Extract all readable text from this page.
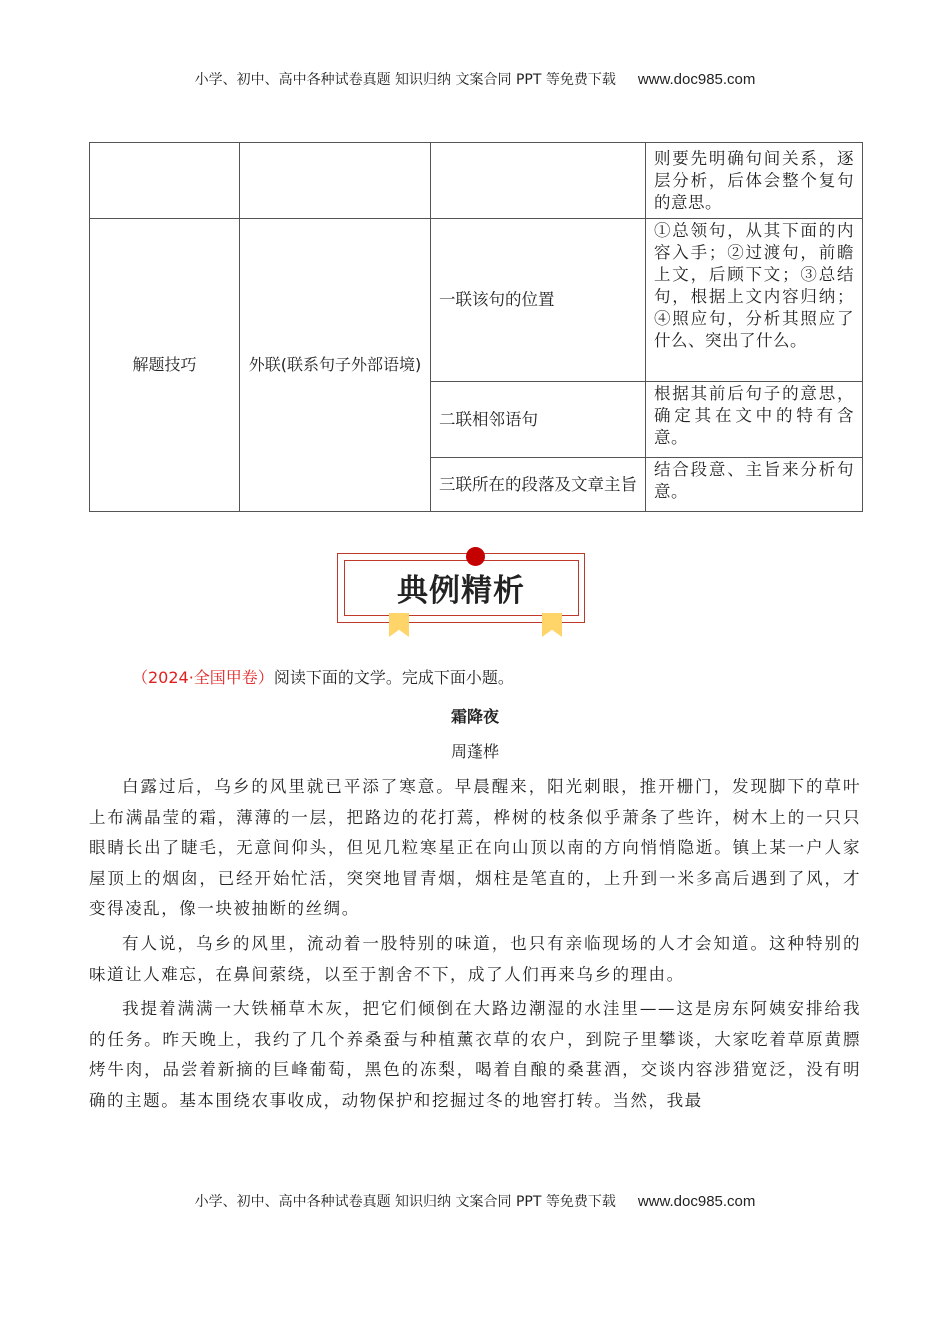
小学、初中、高中各种试卷真题 知识归纳 文案合同 PPT 等免费下载 www.doc985.com
			则要先明确句间关系，逐层分析，后体会整个复句的意思。
解题技巧	外联(联系句子外部语境)	一联该句的位置	①总领句，从其下面的内容入手；②过渡句，前瞻上文，后顾下文；③总结句，根据上文内容归纳；④照应句，分析其照应了什么、突出了什么。
		二联相邻语句	根据其前后句子的意思，确定其在文中的特有含意。
		三联所在的段落及文章主旨	结合段意、主旨来分析句意。
典例精析
（2024·全国甲卷）阅读下面的文学。完成下面小题。
霜降夜
周蓬桦

白露过后，乌乡的风里就已平添了寒意。早晨醒来，阳光刺眼，推开栅门，发现脚下的草叶上布满晶莹的霜，薄薄的一层，把路边的花打蔫，桦树的枝条似乎萧条了些许，树木上的一只只眼睛长出了睫毛，无意间仰头，但见几粒寒星正在向山顶以南的方向悄悄隐逝。镇上某一户人家屋顶上的烟囱，已经开始忙活，突突地冒青烟，烟柱是笔直的，上升到一米多高后遇到了风，才变得凌乱，像一块被抽断的丝绸。

有人说，乌乡的风里，流动着一股特别的味道，也只有亲临现场的人才会知道。这种特别的味道让人难忘，在鼻间萦绕，以至于割舍不下，成了人们再来乌乡的理由。

我提着满满一大铁桶草木灰，把它们倾倒在大路边潮湿的水洼里——这是房东阿姨安排给我的任务。昨天晚上，我约了几个养桑蚕与种植薰衣草的农户，到院子里攀谈，大家吃着草原黄膘烤牛肉，品尝着新摘的巨峰葡萄，黑色的冻梨，喝着自酿的桑葚酒，交谈内容涉猎宽泛，没有明确的主题。基本围绕农事收成，动物保护和挖掘过冬的地窖打转。当然，我最

小学、初中、高中各种试卷真题 知识归纳 文案合同 PPT 等免费下载 www.doc985.com
